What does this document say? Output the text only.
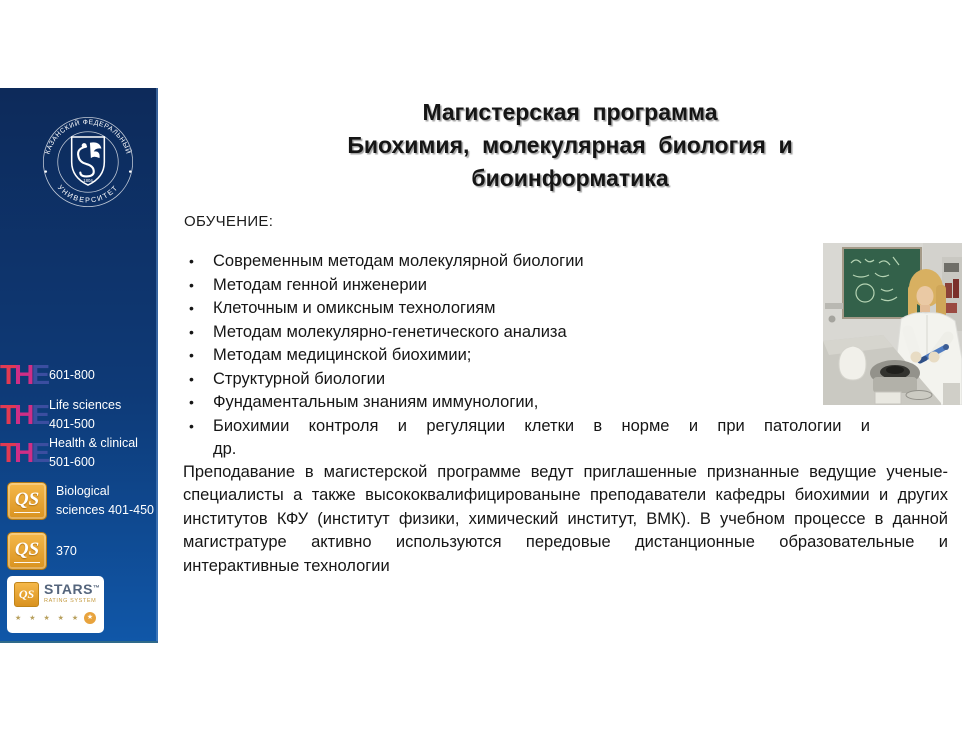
КАЗАНСКИЙ ФЕДЕРАЛЬНЫЙ
УНИВЕРСИТЕТ
1804
THE 601-800
THE Life sciences
401-500
THE Health & clinical
501-600
QS Biological
sciences 401-450
QS 370
QS STARS™
RATING SYSTEM
★ ★ ★ ★ ★ ★
Магистерская  программа
Биохимия,  молекулярная  биология  и
биоинформатика
ОБУЧЕНИЕ:
• Современным методам молекулярной биологии
• Методам генной инженерии
• Клеточным и омиксным технологиям
• Методам молекулярно-генетического анализа
• Методам медицинской биохимии;
• Структурной биологии
• Фундаментальным знаниям иммунологии,
• Биохимии контроля и регуляции клетки в норме и при патологии и
др.
Преподавание в магистерской программе ведут приглашенные признанные ведущие ученые-специалисты а также высококвалифицированыне преподаватели кафедры биохимии и других институтов КФУ (институт физики, химический институт, ВМК). В учебном процессе в данной магистратуре активно используются передовые дистанционные образовательные и интерактивные технологии
